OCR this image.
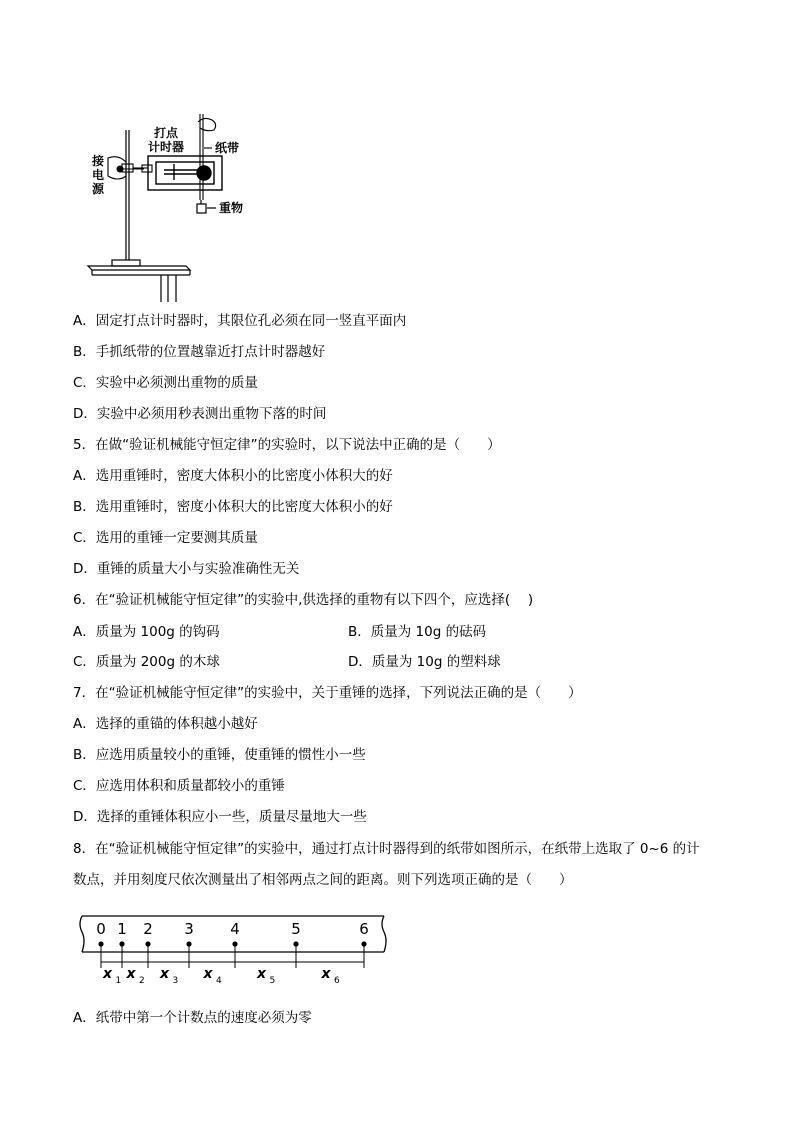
打点
计时器
接
电
源
纸带
重物
A．固定打点计时器时，其限位孔必须在同一竖直平面内
B．手抓纸带的位置越靠近打点计时器越好
C．实验中必须测出重物的质量
D．实验中必须用秒表测出重物下落的时间
5．在做“验证机械能守恒定律”的实验时，以下说法中正确的是（　　）
A．选用重锤时，密度大体积小的比密度小体积大的好
B．选用重锤时，密度小体积大的比密度大体积小的好
C．选用的重锤一定要测其质量
D．重锤的质量大小与实验准确性无关
6．在“验证机械能守恒定律”的实验中,供选择的重物有以下四个，应选择(　 )
A．质量为 100g 的钩码	B．质量为 10g 的砝码
C．质量为 200g 的木球	D．质量为 10g 的塑料球
7．在“验证机械能守恒定律”的实验中，关于重锤的选择，下列说法正确的是（　　）
A．选择的重锚的体积越小越好
B．应选用质量较小的重锤，使重锤的惯性小一些
C．应选用体积和质量都较小的重锤
D．选择的重锤体积应小一些，质量尽量地大一些
8．在“验证机械能守恒定律”的实验中，通过打点计时器得到的纸带如图所示，在纸带上选取了 0~6 的计
数点，并用刻度尺依次测量出了相邻两点之间的距离。则下列选项正确的是（　　）
0 1 2 3 4	5	6
x 1 x 2 x 3 x 4	x 5	x 6
A．纸带中第一个计数点的速度必须为零
